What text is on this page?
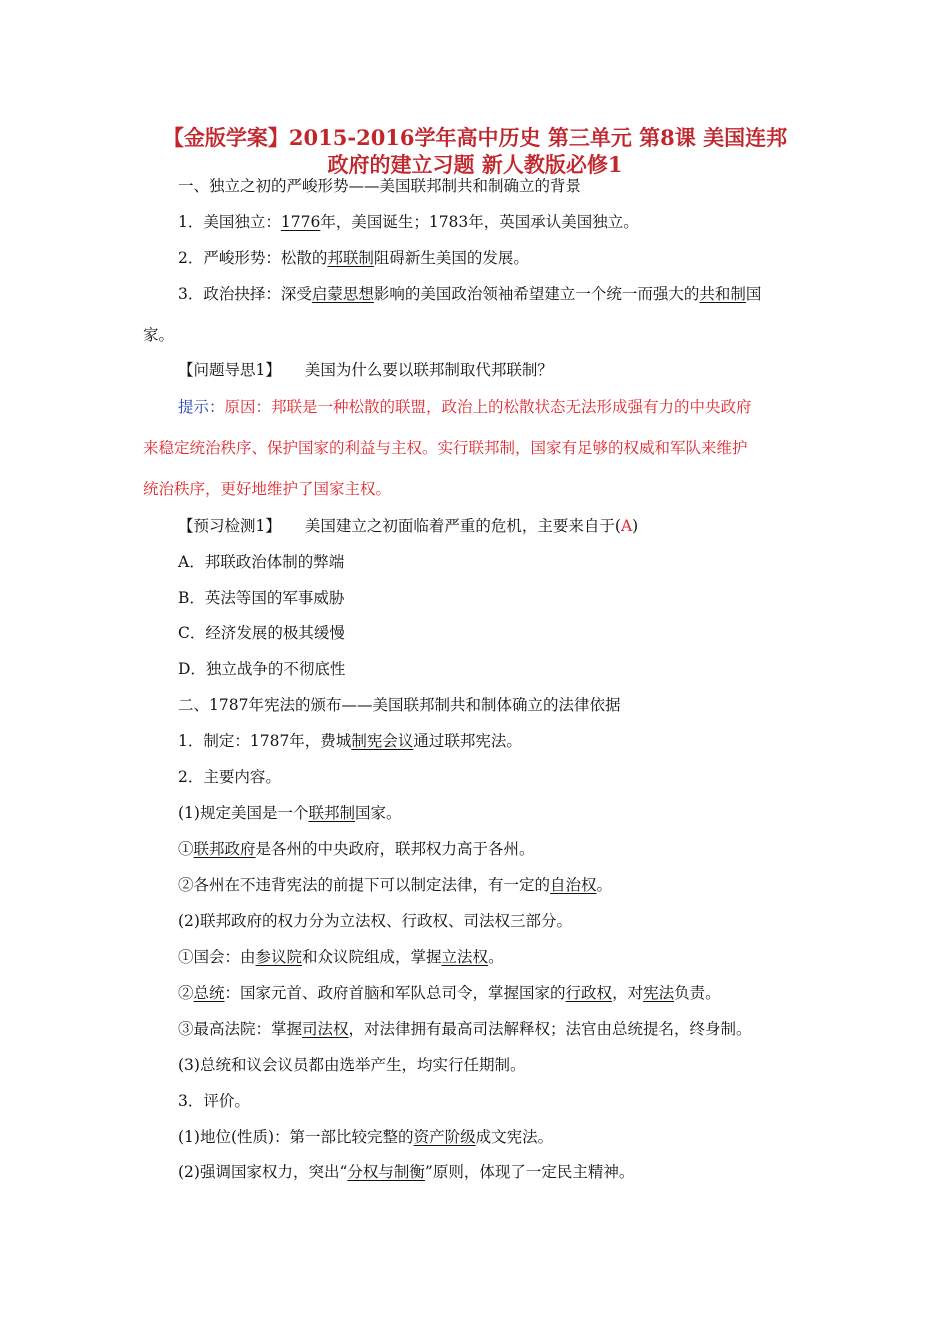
【金版学案】2015-2016学年高中历史 第三单元 第8课 美国连邦
政府的建立习题 新人教版必修1
一、独立之初的严峻形势——美国联邦制共和制确立的背景
1．美国独立：1776年，美国诞生；1783年，英国承认美国独立。
2．严峻形势：松散的邦联制阻碍新生美国的发展。
3．政治抉择：深受启蒙思想影响的美国政治领袖希望建立一个统一而强大的共和制国
家。
【问题导思1】 美国为什么要以联邦制取代邦联制？
提示：原因：邦联是一种松散的联盟，政治上的松散状态无法形成强有力的中央政府
来稳定统治秩序、保护国家的利益与主权。实行联邦制，国家有足够的权威和军队来维护
统治秩序，更好地维护了国家主权。
【预习检测1】 美国建立之初面临着严重的危机，主要来自于(A)
A．邦联政治体制的弊端
B．英法等国的军事威胁
C．经济发展的极其缓慢
D．独立战争的不彻底性
二、1787年宪法的颁布——美国联邦制共和制体确立的法律依据
1．制定：1787年，费城制宪会议通过联邦宪法。
2．主要内容。
(1)规定美国是一个联邦制国家。
①联邦政府是各州的中央政府，联邦权力高于各州。
②各州在不违背宪法的前提下可以制定法律，有一定的自治权。
(2)联邦政府的权力分为立法权、行政权、司法权三部分。
①国会：由参议院和众议院组成，掌握立法权。
②总统：国家元首、政府首脑和军队总司令，掌握国家的行政权，对宪法负责。
③最高法院：掌握司法权，对法律拥有最高司法解释权；法官由总统提名，终身制。
(3)总统和议会议员都由选举产生，均实行任期制。
3．评价。
(1)地位(性质)：第一部比较完整的资产阶级成文宪法。
(2)强调国家权力，突出“分权与制衡”原则，体现了一定民主精神。
